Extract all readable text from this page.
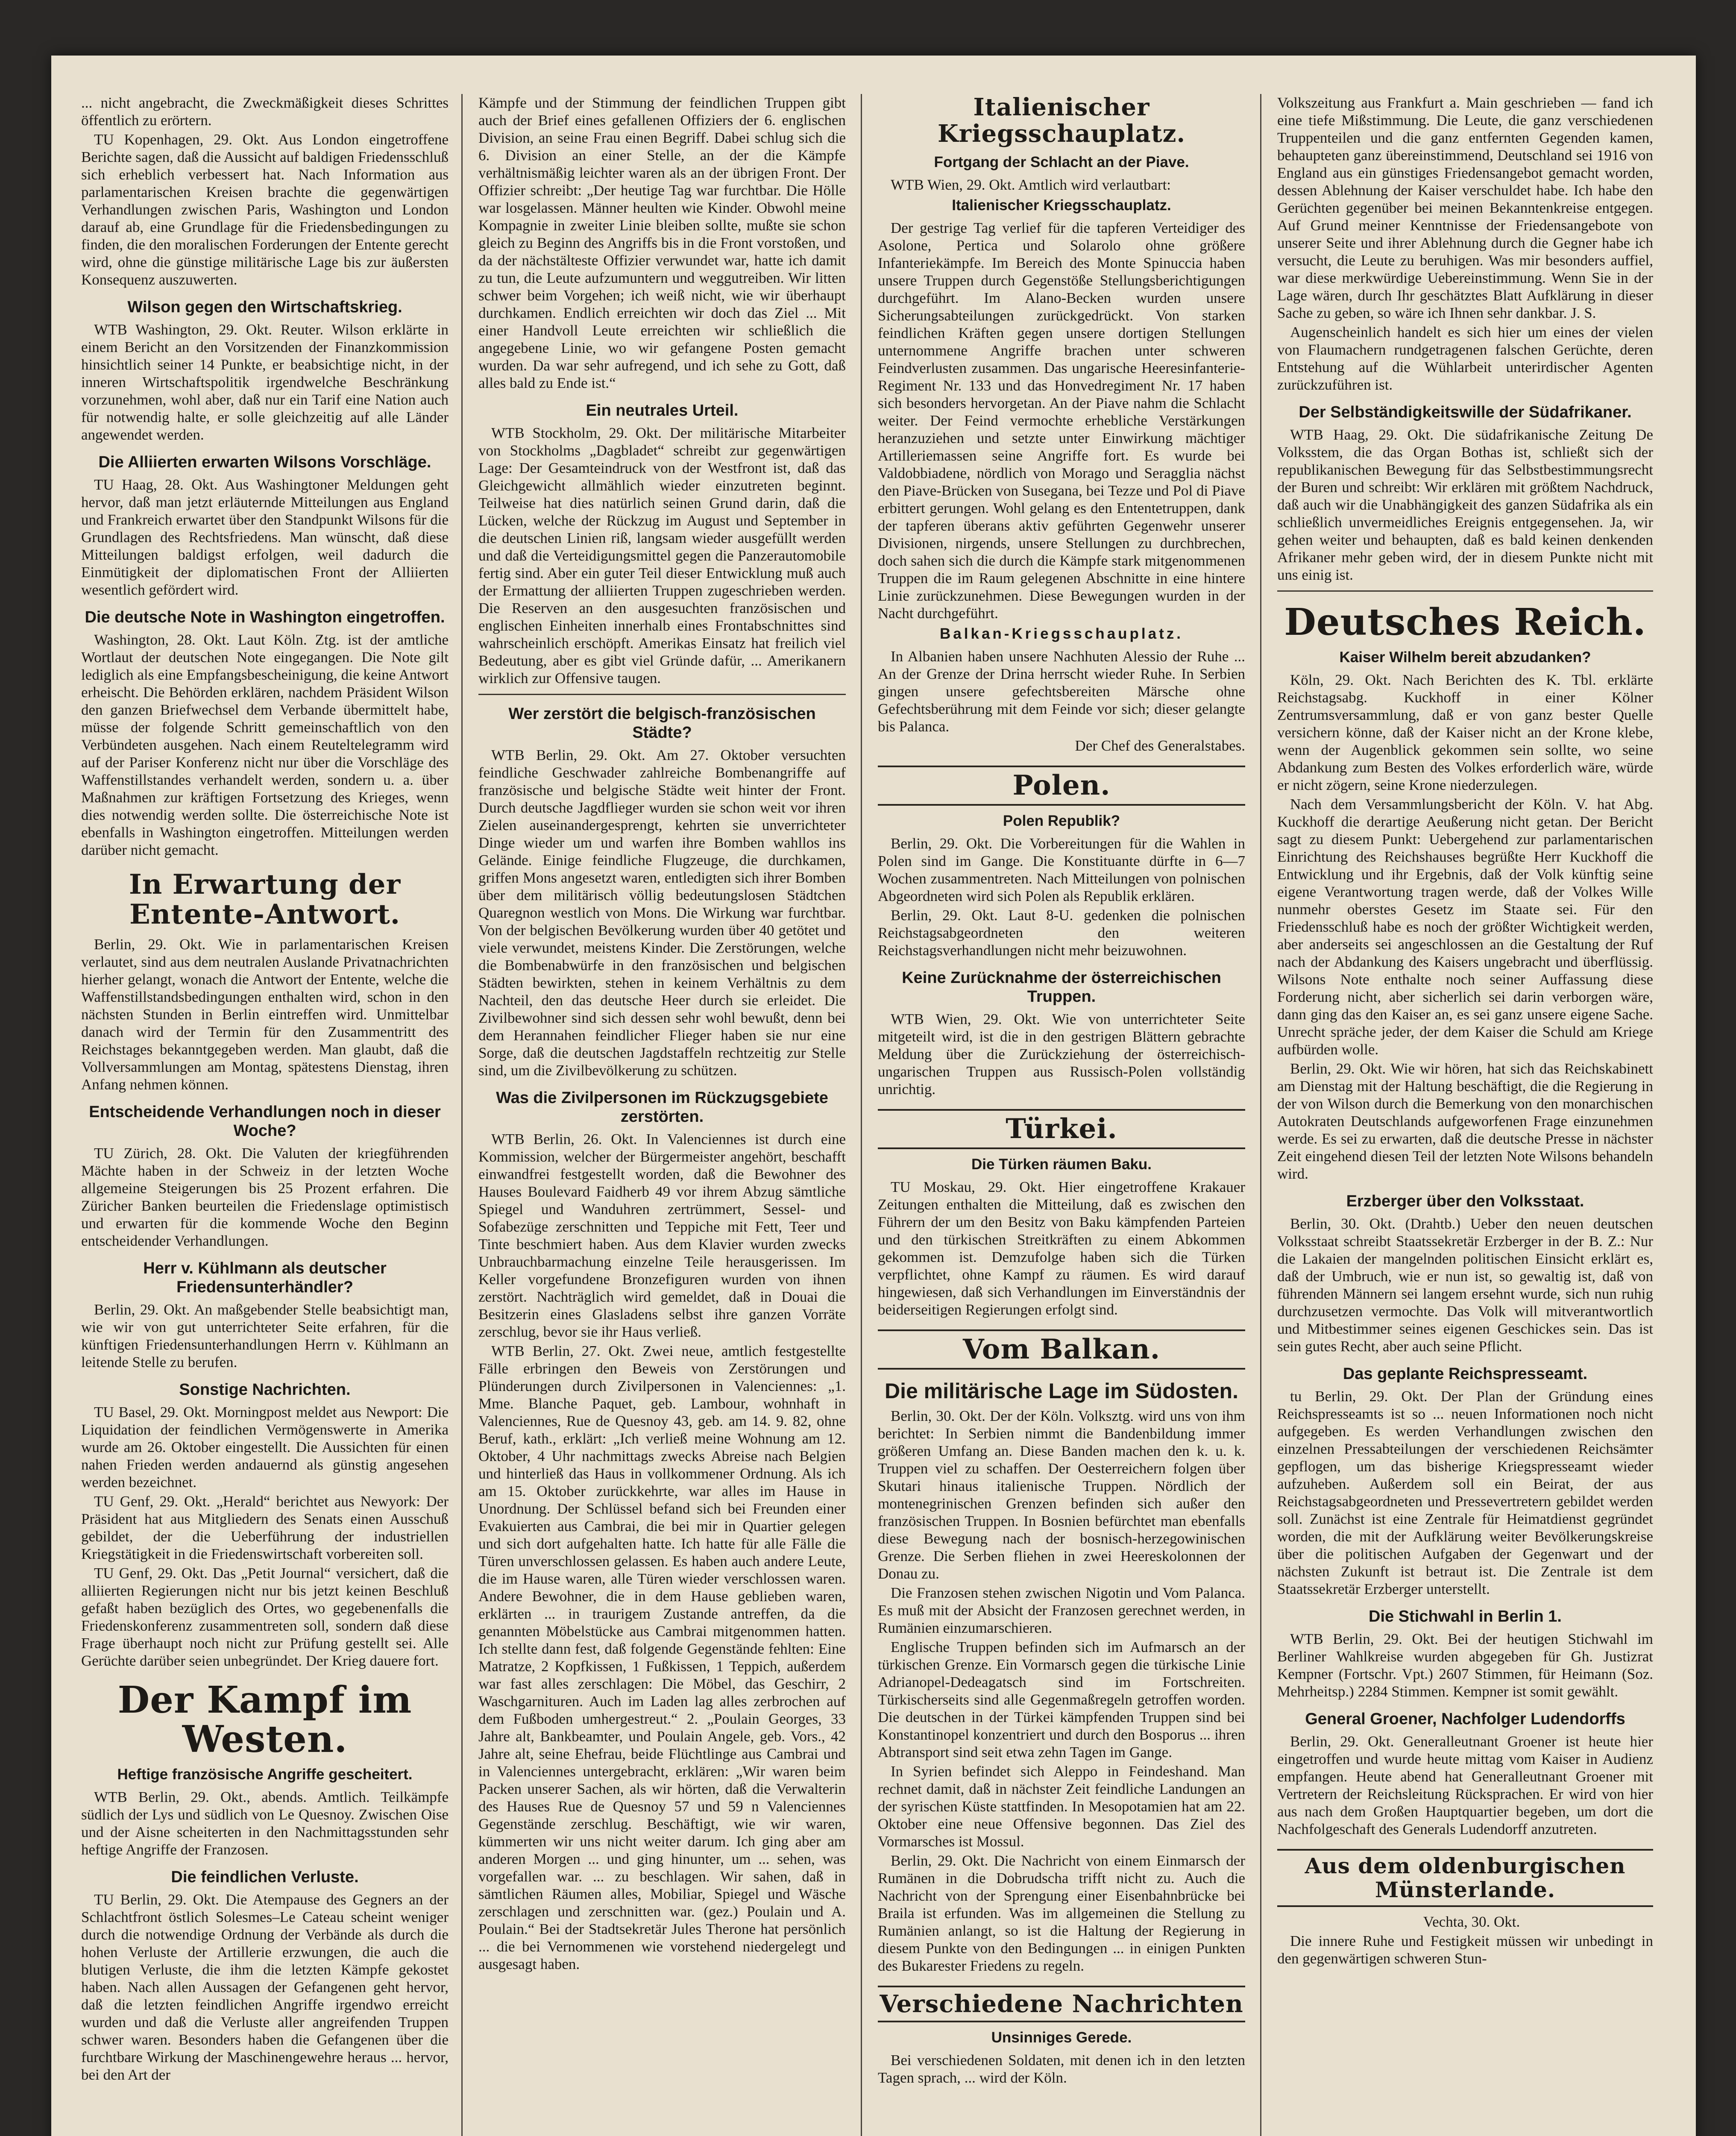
... nicht angebracht, die Zweckmäßigkeit dieses Schrittes öffentlich zu erörtern.

TU Kopenhagen, 29. Okt. Aus London eingetroffene Berichte sagen, daß die Aussicht auf baldigen Friedensschluß sich erheblich verbessert hat. Nach Information aus parlamentarischen Kreisen brachte die gegenwärtigen Verhandlungen zwischen Paris, Washington und London darauf ab, eine Grundlage für die Friedensbedingungen zu finden, die den moralischen Forderungen der Entente gerecht wird, ohne die günstige militärische Lage bis zur äußersten Konsequenz auszuwerten.

Wilson gegen den Wirtschaftskrieg.

WTB Washington, 29. Okt. Reuter. Wilson erklärte in einem Bericht an den Vorsitzenden der Finanzkommission hinsichtlich seiner 14 Punkte, er beabsichtige nicht, in der inneren Wirtschaftspolitik irgendwelche Beschränkung vorzunehmen, wohl aber, daß nur ein Tarif eine Nation auch für notwendig halte, er solle gleichzeitig auf alle Länder angewendet werden.

Die Alliierten erwarten Wilsons Vorschläge.

TU Haag, 28. Okt. Aus Washingtoner Meldungen geht hervor, daß man jetzt erläuternde Mitteilungen aus England und Frankreich erwartet über den Standpunkt Wilsons für die Grundlagen des Rechtsfriedens. Man wünscht, daß diese Mitteilungen baldigst erfolgen, weil dadurch die Einmütigkeit der diplomatischen Front der Alliierten wesentlich gefördert wird.

Die deutsche Note in Washington eingetroffen.

Washington, 28. Okt. Laut Köln. Ztg. ist der amtliche Wortlaut der deutschen Note eingegangen. Die Note gilt lediglich als eine Empfangsbescheinigung, die keine Antwort erheischt. Die Behörden erklären, nachdem Präsident Wilson den ganzen Briefwechsel dem Verbande übermittelt habe, müsse der folgende Schritt gemeinschaftlich von den Verbündeten ausgehen. Nach einem Reuteltelegramm wird auf der Pariser Konferenz nicht nur über die Vorschläge des Waffenstillstandes verhandelt werden, sondern u. a. über Maßnahmen zur kräftigen Fortsetzung des Krieges, wenn dies notwendig werden sollte. Die österreichische Note ist ebenfalls in Washington eingetroffen. Mitteilungen werden darüber nicht gemacht.

In Erwartung der Entente-Antwort.

Berlin, 29. Okt. Wie in parlamentarischen Kreisen verlautet, sind aus dem neutralen Auslande Privatnachrichten hierher gelangt, wonach die Antwort der Entente, welche die Waffenstillstandsbedingungen enthalten wird, schon in den nächsten Stunden in Berlin eintreffen wird. Unmittelbar danach wird der Termin für den Zusammentritt des Reichstages bekanntgegeben werden. Man glaubt, daß die Vollversammlungen am Montag, spätestens Dienstag, ihren Anfang nehmen können.

Entscheidende Verhandlungen noch in dieser Woche?

TU Zürich, 28. Okt. Die Valuten der kriegführenden Mächte haben in der Schweiz in der letzten Woche allgemeine Steigerungen bis 25 Prozent erfahren. Die Züricher Banken beurteilen die Friedenslage optimistisch und erwarten für die kommende Woche den Beginn entscheidender Verhandlungen.

Herr v. Kühlmann als deutscher Friedensunterhändler?

Berlin, 29. Okt. An maßgebender Stelle beabsichtigt man, wie wir von gut unterrichteter Seite erfahren, für die künftigen Friedensunterhandlungen Herrn v. Kühlmann an leitende Stelle zu berufen.

Sonstige Nachrichten.

TU Basel, 29. Okt. Morningpost meldet aus Newport: Die Liquidation der feindlichen Vermögenswerte in Amerika wurde am 26. Oktober eingestellt. Die Aussichten für einen nahen Frieden werden andauernd als günstig angesehen werden bezeichnet.

TU Genf, 29. Okt. „Herald“ berichtet aus Newyork: Der Präsident hat aus Mitgliedern des Senats einen Ausschuß gebildet, der die Ueberführung der industriellen Kriegstätigkeit in die Friedenswirtschaft vorbereiten soll.

TU Genf, 29. Okt. Das „Petit Journal“ versichert, daß die alliierten Regierungen nicht nur bis jetzt keinen Beschluß gefaßt haben bezüglich des Ortes, wo gegebenenfalls die Friedenskonferenz zusammentreten soll, sondern daß diese Frage überhaupt noch nicht zur Prüfung gestellt sei. Alle Gerüchte darüber seien unbegründet. Der Krieg dauere fort.

Der Kampf im Westen.
Heftige französische Angriffe gescheitert.

WTB Berlin, 29. Okt., abends. Amtlich. Teilkämpfe südlich der Lys und südlich von Le Quesnoy. Zwischen Oise und der Aisne scheiterten in den Nachmittagsstunden sehr heftige Angriffe der Franzosen.

Die feindlichen Verluste.

TU Berlin, 29. Okt. Die Atempause des Gegners an der Schlachtfront östlich Solesmes–Le Cateau scheint weniger durch die notwendige Ordnung der Verbände als durch die hohen Verluste der Artillerie erzwungen, die auch die blutigen Verluste, die ihm die letzten Kämpfe gekostet haben. Nach allen Aussagen der Gefangenen geht hervor, daß die letzten feindlichen Angriffe irgendwo erreicht wurden und daß die Verluste aller angreifenden Truppen schwer waren. Besonders haben die Gefangenen über die furchtbare Wirkung der Maschinengewehre heraus ... hervor, bei den Art der

Kämpfe und der Stimmung der feindlichen Truppen gibt auch der Brief eines gefallenen Offiziers der 6. englischen Division, an seine Frau einen Begriff. Dabei schlug sich die 6. Division an einer Stelle, an der die Kämpfe verhältnismäßig leichter waren als an der übrigen Front. Der Offizier schreibt: „Der heutige Tag war furchtbar. Die Hölle war losgelassen. Männer heulten wie Kinder. Obwohl meine Kompagnie in zweiter Linie bleiben sollte, mußte sie schon gleich zu Beginn des Angriffs bis in die Front vorstoßen, und da der nächstälteste Offizier verwundet war, hatte ich damit zu tun, die Leute aufzumuntern und weggutreiben. Wir litten schwer beim Vorgehen; ich weiß nicht, wie wir überhaupt durchkamen. Endlich erreichten wir doch das Ziel ... Mit einer Handvoll Leute erreichten wir schließlich die angegebene Linie, wo wir gefangene Posten gemacht wurden. Da war sehr aufregend, und ich sehe zu Gott, daß alles bald zu Ende ist.“

Ein neutrales Urteil.

WTB Stockholm, 29. Okt. Der militärische Mitarbeiter von Stockholms „Dagbladet“ schreibt zur gegenwärtigen Lage: Der Gesamteindruck von der Westfront ist, daß das Gleichgewicht allmählich wieder einzutreten beginnt. Teilweise hat dies natürlich seinen Grund darin, daß die Lücken, welche der Rückzug im August und September in die deutschen Linien riß, langsam wieder ausgefüllt werden und daß die Verteidigungsmittel gegen die Panzerautomobile fertig sind. Aber ein guter Teil dieser Entwicklung muß auch der Ermattung der alliierten Truppen zugeschrieben werden. Die Reserven an den ausgesuchten französischen und englischen Einheiten innerhalb eines Frontabschnittes sind wahrscheinlich erschöpft. Amerikas Einsatz hat freilich viel Bedeutung, aber es gibt viel Gründe dafür, ... Amerikanern wirklich zur Offensive taugen.

Wer zerstört die belgisch-französischen Städte?

WTB Berlin, 29. Okt. Am 27. Oktober versuchten feindliche Geschwader zahlreiche Bombenangriffe auf französische und belgische Städte weit hinter der Front. Durch deutsche Jagdflieger wurden sie schon weit vor ihren Zielen auseinandergesprengt, kehrten sie unverrichteter Dinge wieder um und warfen ihre Bomben wahllos ins Gelände. Einige feindliche Flugzeuge, die durchkamen, griffen Mons angesetzt waren, entledigten sich ihrer Bomben über dem militärisch völlig bedeutungslosen Städtchen Quaregnon westlich von Mons. Die Wirkung war furchtbar. Von der belgischen Bevölkerung wurden über 40 getötet und viele verwundet, meistens Kinder. Die Zerstörungen, welche die Bombenabwürfe in den französischen und belgischen Städten bewirkten, stehen in keinem Verhältnis zu dem Nachteil, den das deutsche Heer durch sie erleidet. Die Zivilbewohner sind sich dessen sehr wohl bewußt, denn bei dem Herannahen feindlicher Flieger haben sie nur eine Sorge, daß die deutschen Jagdstaffeln rechtzeitig zur Stelle sind, um die Zivilbevölkerung zu schützen.

Was die Zivilpersonen im Rückzugsgebiete zerstörten.

WTB Berlin, 26. Okt. In Valenciennes ist durch eine Kommission, welcher der Bürgermeister angehört, beschafft einwandfrei festgestellt worden, daß die Bewohner des Hauses Boulevard Faidherb 49 vor ihrem Abzug sämtliche Spiegel und Wanduhren zertrümmert, Sessel- und Sofabezüge zerschnitten und Teppiche mit Fett, Teer und Tinte beschmiert haben. Aus dem Klavier wurden zwecks Unbrauchbarmachung einzelne Teile herausgerissen. Im Keller vorgefundene Bronzefiguren wurden von ihnen zerstört. Nachträglich wird gemeldet, daß in Douai die Besitzerin eines Glasladens selbst ihre ganzen Vorräte zerschlug, bevor sie ihr Haus verließ.

WTB Berlin, 27. Okt. Zwei neue, amtlich festgestellte Fälle erbringen den Beweis von Zerstörungen und Plünderungen durch Zivilpersonen in Valenciennes: „1. Mme. Blanche Paquet, geb. Lambour, wohnhaft in Valenciennes, Rue de Quesnoy 43, geb. am 14. 9. 82, ohne Beruf, kath., erklärt: „Ich verließ meine Wohnung am 12. Oktober, 4 Uhr nachmittags zwecks Abreise nach Belgien und hinterließ das Haus in vollkommener Ordnung. Als ich am 15. Oktober zurückkehrte, war alles im Hause in Unordnung. Der Schlüssel befand sich bei Freunden einer Evakuierten aus Cambrai, die bei mir in Quartier gelegen und sich dort aufgehalten hatte. Ich hatte für alle Fälle die Türen unverschlossen gelassen. Es haben auch andere Leute, die im Hause waren, alle Türen wieder verschlossen waren. Andere Bewohner, die in dem Hause geblieben waren, erklärten ... in traurigem Zustande antreffen, da die genannten Möbelstücke aus Cambrai mitgenommen hatten. Ich stellte dann fest, daß folgende Gegenstände fehlten: Eine Matratze, 2 Kopfkissen, 1 Fußkissen, 1 Teppich, außerdem war fast alles zerschlagen: Die Möbel, das Geschirr, 2 Waschgarnituren. Auch im Laden lag alles zerbrochen auf dem Fußboden umhergestreut.“ 2. „Poulain Georges, 33 Jahre alt, Bankbeamter, und Poulain Angele, geb. Vors., 42 Jahre alt, seine Ehefrau, beide Flüchtlinge aus Cambrai und in Valenciennes untergebracht, erklären: „Wir waren beim Packen unserer Sachen, als wir hörten, daß die Verwalterin des Hauses Rue de Quesnoy 57 und 59 n Valenciennes Gegenstände zerschlug. Beschäftigt, wie wir waren, kümmerten wir uns nicht weiter darum. Ich ging aber am anderen Morgen ... und ging hinunter, um ... sehen, was vorgefallen war. ... zu beschlagen. Wir sahen, daß in sämtlichen Räumen alles, Mobiliar, Spiegel und Wäsche zerschlagen und zerschnitten war. (gez.) Poulain und A. Poulain.“ Bei der Stadtsekretär Jules Therone hat persönlich ... die bei Vernommenen wie vorstehend niedergelegt und ausgesagt haben.

Italienischer Kriegsschauplatz.
Fortgang der Schlacht an der Piave.

WTB Wien, 29. Okt. Amtlich wird verlautbart:

Italienischer Kriegsschauplatz.

Der gestrige Tag verlief für die tapferen Verteidiger des Asolone, Pertica und Solarolo ohne größere Infanteriekämpfe. Im Bereich des Monte Spinuccia haben unsere Truppen durch Gegenstöße Stellungsberichtigungen durchgeführt. Im Alano-Becken wurden unsere Sicherungsabteilungen zurückgedrückt. Von starken feindlichen Kräften gegen unsere dortigen Stellungen unternommene Angriffe brachen unter schweren Feindverlusten zusammen. Das ungarische Heeresinfanterie-Regiment Nr. 133 und das Honvedregiment Nr. 17 haben sich besonders hervorgetan. An der Piave nahm die Schlacht weiter. Der Feind vermochte erhebliche Verstärkungen heranzuziehen und setzte unter Einwirkung mächtiger Artilleriemassen seine Angriffe fort. Es wurde bei Valdobbiadene, nördlich von Morago und Seragglia nächst den Piave-Brücken von Susegana, bei Tezze und Pol di Piave erbittert gerungen. Wohl gelang es den Ententetruppen, dank der tapferen überans aktiv geführten Gegenwehr unserer Divisionen, nirgends, unsere Stellungen zu durchbrechen, doch sahen sich die durch die Kämpfe stark mitgenommenen Truppen die im Raum gelegenen Abschnitte in eine hintere Linie zurückzunehmen. Diese Bewegungen wurden in der Nacht durchgeführt.

Balkan-Kriegsschauplatz.

In Albanien haben unsere Nachhuten Alessio der Ruhe ... An der Grenze der Drina herrscht wieder Ruhe. In Serbien gingen unsere gefechtsbereiten Märsche ohne Gefechtsberührung mit dem Feinde vor sich; dieser gelangte bis Palanca.

Der Chef des Generalstabes.

Polen.
Polen Republik?

Berlin, 29. Okt. Die Vorbereitungen für die Wahlen in Polen sind im Gange. Die Konstituante dürfte in 6—7 Wochen zusammentreten. Nach Mitteilungen von polnischen Abgeordneten wird sich Polen als Republik erklären.

Berlin, 29. Okt. Laut 8-U. gedenken die polnischen Reichstagsabgeordneten den weiteren Reichstagsverhandlungen nicht mehr beizuwohnen.

Keine Zurücknahme der österreichischen Truppen.

WTB Wien, 29. Okt. Wie von unterrichteter Seite mitgeteilt wird, ist die in den gestrigen Blättern gebrachte Meldung über die Zurückziehung der österreichisch-ungarischen Truppen aus Russisch-Polen vollständig unrichtig.

Türkei.
Die Türken räumen Baku.

TU Moskau, 29. Okt. Hier eingetroffene Krakauer Zeitungen enthalten die Mitteilung, daß es zwischen den Führern der um den Besitz von Baku kämpfenden Parteien und den türkischen Streitkräften zu einem Abkommen gekommen ist. Demzufolge haben sich die Türken verpflichtet, ohne Kampf zu räumen. Es wird darauf hingewiesen, daß sich Verhandlungen im Einverständnis der beiderseitigen Regierungen erfolgt sind.

Vom Balkan.
Die militärische Lage im Südosten.

Berlin, 30. Okt. Der der Köln. Volksztg. wird uns von ihm berichtet: In Serbien nimmt die Bandenbildung immer größeren Umfang an. Diese Banden machen den k. u. k. Truppen viel zu schaffen. Der Oesterreichern folgen über Skutari hinaus italienische Truppen. Nördlich der montenegrinischen Grenzen befinden sich außer den französischen Truppen. In Bosnien befürchtet man ebenfalls diese Bewegung nach der bosnisch-herzegowinischen Grenze. Die Serben fliehen in zwei Heereskolonnen der Donau zu.

Die Franzosen stehen zwischen Nigotin und Vom Palanca. Es muß mit der Absicht der Franzosen gerechnet werden, in Rumänien einzumarschieren.

Englische Truppen befinden sich im Aufmarsch an der türkischen Grenze. Ein Vormarsch gegen die türkische Linie Adrianopel-Dedeagatsch sind im Fortschreiten. Türkischerseits sind alle Gegenmaßregeln getroffen worden. Die deutschen in der Türkei kämpfenden Truppen sind bei Konstantinopel konzentriert und durch den Bosporus ... ihren Abtransport sind seit etwa zehn Tagen im Gange.

In Syrien befindet sich Aleppo in Feindeshand. Man rechnet damit, daß in nächster Zeit feindliche Landungen an der syrischen Küste stattfinden. In Mesopotamien hat am 22. Oktober eine neue Offensive begonnen. Das Ziel des Vormarsches ist Mossul.

Berlin, 29. Okt. Die Nachricht von einem Einmarsch der Rumänen in die Dobrudscha trifft nicht zu. Auch die Nachricht von der Sprengung einer Eisenbahnbrücke bei Braila ist erfunden. Was im allgemeinen die Stellung zu Rumänien anlangt, so ist die Haltung der Regierung in diesem Punkte von den Bedingungen ... in einigen Punkten des Bukarester Friedens zu regeln.

Verschiedene Nachrichten
Unsinniges Gerede.

Bei verschiedenen Soldaten, mit denen ich in den letzten Tagen sprach, ... wird der Köln.

Volkszeitung aus Frankfurt a. Main geschrieben — fand ich eine tiefe Mißstimmung. Die Leute, die ganz verschiedenen Truppenteilen und die ganz entfernten Gegenden kamen, behaupteten ganz übereinstimmend, Deutschland sei 1916 von England aus ein günstiges Friedensangebot gemacht worden, dessen Ablehnung der Kaiser verschuldet habe. Ich habe den Gerüchten gegenüber bei meinen Bekanntenkreise entgegen. Auf Grund meiner Kenntnisse der Friedensangebote von unserer Seite und ihrer Ablehnung durch die Gegner habe ich versucht, die Leute zu beruhigen. Was mir besonders auffiel, war diese merkwürdige Uebereinstimmung. Wenn Sie in der Lage wären, durch Ihr geschätztes Blatt Aufklärung in dieser Sache zu geben, so wäre ich Ihnen sehr dankbar. J. S.

Augenscheinlich handelt es sich hier um eines der vielen von Flaumachern rundgetragenen falschen Gerüchte, deren Entstehung auf die Wühlarbeit unterirdischer Agenten zurückzuführen ist.

Der Selbständigkeitswille der Südafrikaner.

WTB Haag, 29. Okt. Die südafrikanische Zeitung De Volksstem, die das Organ Bothas ist, schließt sich der republikanischen Bewegung für das Selbstbestimmungsrecht der Buren und schreibt: Wir erklären mit größtem Nachdruck, daß auch wir die Unabhängigkeit des ganzen Südafrika als ein schließlich unvermeidliches Ereignis entgegensehen. Ja, wir gehen weiter und behaupten, daß es bald keinen denkenden Afrikaner mehr geben wird, der in diesem Punkte nicht mit uns einig ist.

Deutsches Reich.
Kaiser Wilhelm bereit abzudanken?

Köln, 29. Okt. Nach Berichten des K. Tbl. erklärte Reichstagsabg. Kuckhoff in einer Kölner Zentrumsversammlung, daß er von ganz bester Quelle versichern könne, daß der Kaiser nicht an der Krone klebe, wenn der Augenblick gekommen sein sollte, wo seine Abdankung zum Besten des Volkes erforderlich wäre, würde er nicht zögern, seine Krone niederzulegen.

Nach dem Versammlungsbericht der Köln. V. hat Abg. Kuckhoff die derartige Aeußerung nicht getan. Der Bericht sagt zu diesem Punkt: Uebergehend zur parlamentarischen Einrichtung des Reichshauses begrüßte Herr Kuckhoff die Entwicklung und ihr Ergebnis, daß der Volk künftig seine eigene Verantwortung tragen werde, daß der Volkes Wille nunmehr oberstes Gesetz im Staate sei. Für den Friedensschluß habe es noch der größter Wichtigkeit werden, aber anderseits sei angeschlossen an die Gestaltung der Ruf nach der Abdankung des Kaisers ungebracht und überflüssig. Wilsons Note enthalte noch seiner Auffassung diese Forderung nicht, aber sicherlich sei darin verborgen wäre, dann ging das den Kaiser an, es sei ganz unsere eigene Sache. Unrecht spräche jeder, der dem Kaiser die Schuld am Kriege aufbürden wolle.

Berlin, 29. Okt. Wie wir hören, hat sich das Reichskabinett am Dienstag mit der Haltung beschäftigt, die die Regierung in der von Wilson durch die Bemerkung von den monarchischen Autokraten Deutschlands aufgeworfenen Frage einzunehmen werde. Es sei zu erwarten, daß die deutsche Presse in nächster Zeit eingehend diesen Teil der letzten Note Wilsons behandeln wird.

Erzberger über den Volksstaat.

Berlin, 30. Okt. (Drahtb.) Ueber den neuen deutschen Volksstaat schreibt Staatssekretär Erzberger in der B. Z.: Nur die Lakaien der mangelnden politischen Einsicht erklärt es, daß der Umbruch, wie er nun ist, so gewaltig ist, daß von führenden Männern sei langem ersehnt wurde, sich nun ruhig durchzusetzen vermochte. Das Volk will mitverantwortlich und Mitbestimmer seines eigenen Geschickes sein. Das ist sein gutes Recht, aber auch seine Pflicht.

Das geplante Reichspresseamt.

tu Berlin, 29. Okt. Der Plan der Gründung eines Reichspresseamts ist so ... neuen Informationen noch nicht aufgegeben. Es werden Verhandlungen zwischen den einzelnen Pressabteilungen der verschiedenen Reichsämter gepflogen, um das bisherige Kriegspresseamt wieder aufzuheben. Außerdem soll ein Beirat, der aus Reichstagsabgeordneten und Pressevertretern gebildet werden soll. Zunächst ist eine Zentrale für Heimatdienst gegründet worden, die mit der Aufklärung weiter Bevölkerungskreise über die politischen Aufgaben der Gegenwart und der nächsten Zukunft ist betraut ist. Die Zentrale ist dem Staatssekretär Erzberger unterstellt.

Die Stichwahl in Berlin 1.

WTB Berlin, 29. Okt. Bei der heutigen Stichwahl im Berliner Wahlkreise wurden abgegeben für Gh. Justizrat Kempner (Fortschr. Vpt.) 2607 Stimmen, für Heimann (Soz. Mehrheitsp.) 2284 Stimmen. Kempner ist somit gewählt.

General Groener, Nachfolger Ludendorffs

Berlin, 29. Okt. Generalleutnant Groener ist heute hier eingetroffen und wurde heute mittag vom Kaiser in Audienz empfangen. Heute abend hat Generalleutnant Groener mit Vertretern der Reichsleitung Rücksprachen. Er wird von hier aus nach dem Großen Hauptquartier begeben, um dort die Nachfolgeschaft des Generals Ludendorff anzutreten.

Aus dem oldenburgischen Münsterlande.

Vechta, 30. Okt.

Die innere Ruhe und Festigkeit müssen wir unbedingt in den gegenwärtigen schweren Stun-
